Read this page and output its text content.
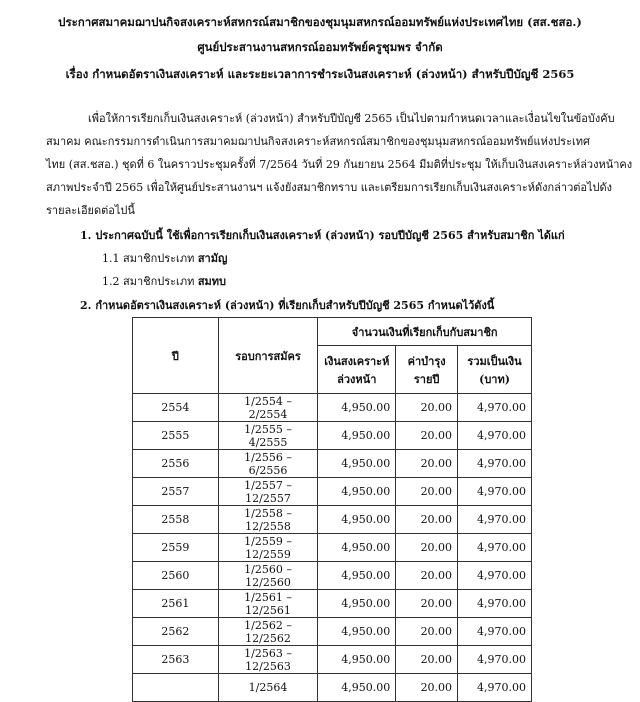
ประกาศสมาคมฌาปนกิจสงเคราะห์สหกรณ์สมาชิกของชุมนุมสหกรณ์ออมทรัพย์แห่งประเทศไทย (สส.ชสอ.)
ศูนย์ประสานงานสหกรณ์ออมทรัพย์ครูชุมพร จำกัด
เรื่อง กำหนดอัตราเงินสงเคราะห์ และระยะเวลาการชำระเงินสงเคราะห์ (ล่วงหน้า) สำหรับปีบัญชี 2565
เพื่อให้การเรียกเก็บเงินสงเคราะห์ (ล่วงหน้า) สำหรับปีบัญชี 2565 เป็นไปตามกำหนดเวลาและเงื่อนไขในข้อบังคับ
สมาคม คณะกรรมการดำเนินการสมาคมฌาปนกิจสงเคราะห์สหกรณ์สมาชิกของชุมนุมสหกรณ์ออมทรัพย์แห่งประเทศ
ไทย (สส.ชสอ.) ชุดที่ 6 ในคราวประชุมครั้งที่ 7/2564 วันที่ 29 กันยายน 2564 มีมติที่ประชุม ให้เก็บเงินสงเคราะห์ล่วงหน้าคง
สภาพประจำปี 2565 เพื่อให้ศูนย์ประสานงานฯ แจ้งยังสมาชิกทราบ และเตรียมการเรียกเก็บเงินสงเคราะห์ดังกล่าวต่อไปดัง
รายละเอียดต่อไปนี้
1. ประกาศฉบับนี้ ใช้เพื่อการเรียกเก็บเงินสงเคราะห์ (ล่วงหน้า) รอบปีบัญชี 2565 สำหรับสมาชิก ได้แก่
1.1 สมาชิกประเภท สามัญ
1.2 สมาชิกประเภท สมทบ
2. กำหนดอัตราเงินสงเคราะห์ (ล่วงหน้า) ที่เรียกเก็บสำหรับปีบัญชี 2565 กำหนดไว้ดังนี้
ปี	รอบการสมัคร	จำนวนเงินที่เรียกเก็บกับสมาชิก		
		เงินสงเคราะห์ ล่วงหน้า	ค่าบำรุง รายปี	รวมเป็นเงิน (บาท)
2554	1/2554 – 2/2554	4,950.00	20.00	4,970.00
2555	1/2555 – 4/2555	4,950.00	20.00	4,970.00
2556	1/2556 – 6/2556	4,950.00	20.00	4,970.00
2557	1/2557 – 12/2557	4,950.00	20.00	4,970.00
2558	1/2558 – 12/2558	4,950.00	20.00	4,970.00
2559	1/2559 – 12/2559	4,950.00	20.00	4,970.00
2560	1/2560 – 12/2560	4,950.00	20.00	4,970.00
2561	1/2561 – 12/2561	4,950.00	20.00	4,970.00
2562	1/2562 – 12/2562	4,950.00	20.00	4,970.00
2563	1/2563 – 12/2563	4,950.00	20.00	4,970.00
	1/2564	4,950.00	20.00	4,970.00
